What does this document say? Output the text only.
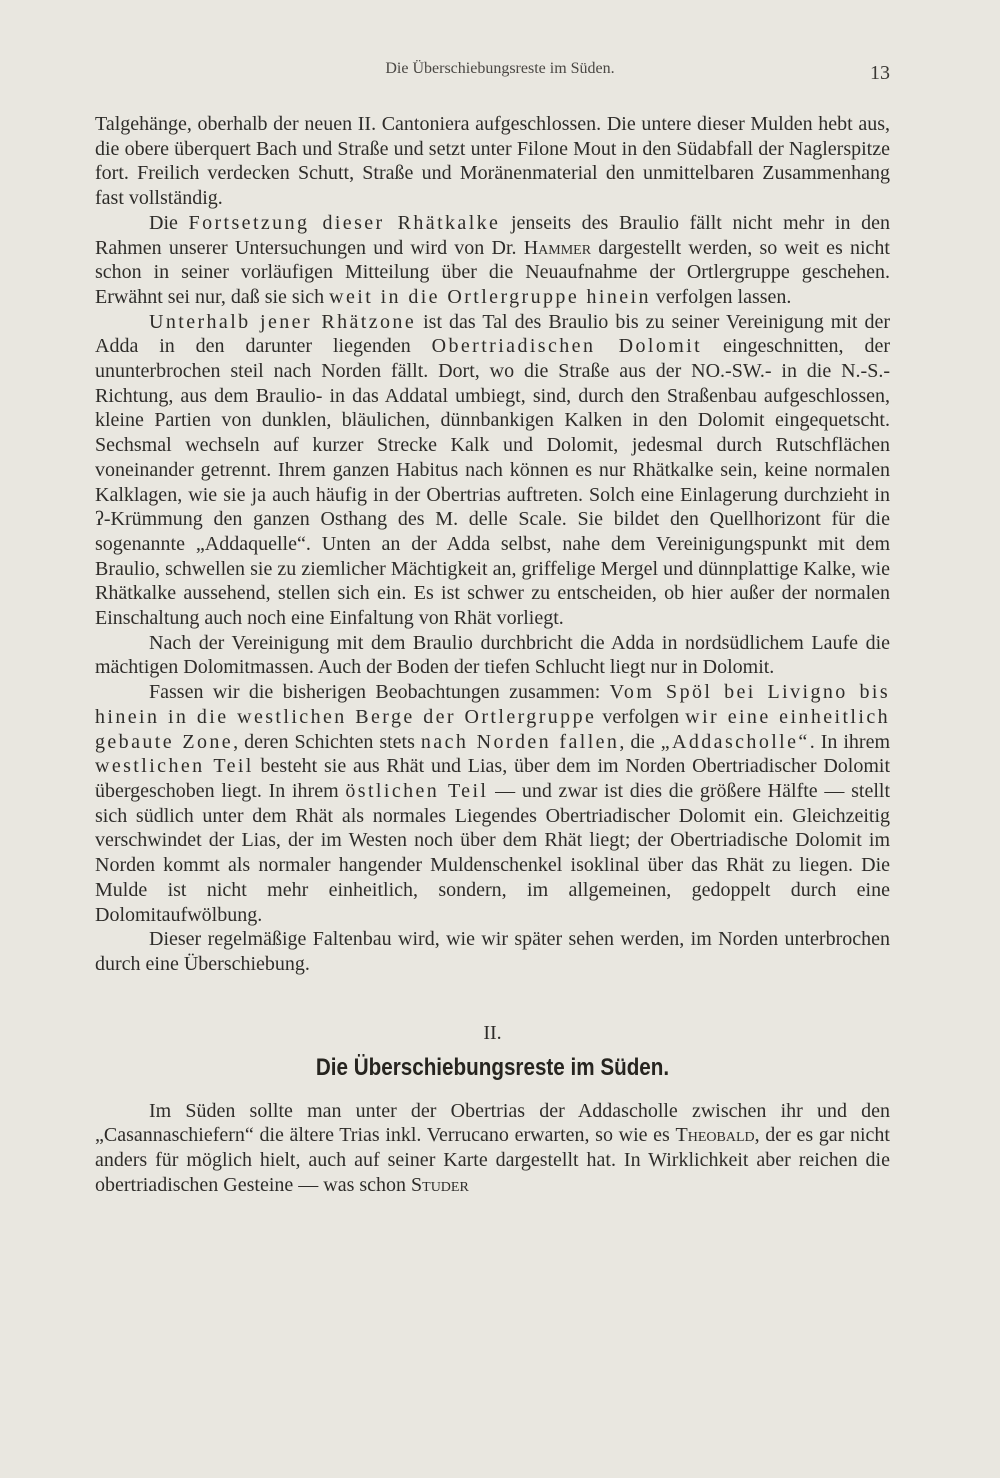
Die Überschiebungsreste im Süden.	13

Talgehänge, oberhalb der neuen II. Cantoniera aufgeschlossen. Die untere dieser Mulden hebt aus, die obere überquert Bach und Straße und setzt unter Filone Mout in den Südabfall der Naglerspitze fort. Freilich verdecken Schutt, Straße und Moränenmaterial den unmittelbaren Zusammenhang fast vollständig.

Die Fortsetzung dieser Rhätkalke jenseits des Braulio fällt nicht mehr in den Rahmen unserer Untersuchungen und wird von Dr. Hammer dargestellt werden, so weit es nicht schon in seiner vorläufigen Mitteilung über die Neuaufnahme der Ortlergruppe geschehen. Erwähnt sei nur, daß sie sich weit in die Ortlergruppe hinein verfolgen lassen.

Unterhalb jener Rhätzone ist das Tal des Braulio bis zu seiner Vereinigung mit der Adda in den darunter liegenden Obertriadischen Dolomit eingeschnitten, der ununterbrochen steil nach Norden fällt. Dort, wo die Straße aus der NO.-SW.- in die N.-S.-Richtung, aus dem Braulio- in das Addatal umbiegt, sind, durch den Straßenbau aufgeschlossen, kleine Partien von dunklen, bläulichen, dünnbankigen Kalken in den Dolomit eingequetscht. Sechsmal wechseln auf kurzer Strecke Kalk und Dolomit, jedesmal durch Rutschflächen voneinander getrennt. Ihrem ganzen Habitus nach können es nur Rhätkalke sein, keine normalen Kalklagen, wie sie ja auch häufig in der Obertrias auftreten. Solch eine Einlagerung durchzieht in ʔ-Krümmung den ganzen Osthang des M. delle Scale. Sie bildet den Quellhorizont für die sogenannte „Addaquelle“. Unten an der Adda selbst, nahe dem Vereinigungspunkt mit dem Braulio, schwellen sie zu ziemlicher Mächtigkeit an, griffelige Mergel und dünnplattige Kalke, wie Rhätkalke aussehend, stellen sich ein. Es ist schwer zu entscheiden, ob hier außer der normalen Einschaltung auch noch eine Einfaltung von Rhät vorliegt.

Nach der Vereinigung mit dem Braulio durchbricht die Adda in nordsüdlichem Laufe die mächtigen Dolomitmassen. Auch der Boden der tiefen Schlucht liegt nur in Dolomit.

Fassen wir die bisherigen Beobachtungen zusammen: Vom Spöl bei Livigno bis hinein in die westlichen Berge der Ortlergruppe verfolgen wir eine einheitlich gebaute Zone, deren Schichten stets nach Norden fallen, die „Addascholle“. In ihrem westlichen Teil besteht sie aus Rhät und Lias, über dem im Norden Obertriadischer Dolomit übergeschoben liegt. In ihrem östlichen Teil — und zwar ist dies die größere Hälfte — stellt sich südlich unter dem Rhät als normales Liegendes Obertriadischer Dolomit ein. Gleichzeitig verschwindet der Lias, der im Westen noch über dem Rhät liegt; der Obertriadische Dolomit im Norden kommt als normaler hangender Muldenschenkel isoklinal über das Rhät zu liegen. Die Mulde ist nicht mehr einheitlich, sondern, im allgemeinen, gedoppelt durch eine Dolomitaufwölbung.

Dieser regelmäßige Faltenbau wird, wie wir später sehen werden, im Norden unterbrochen durch eine Überschiebung.

II.
Die Überschiebungsreste im Süden.

Im Süden sollte man unter der Obertrias der Addascholle zwischen ihr und den „Casannaschiefern“ die ältere Trias inkl. Verrucano erwarten, so wie es Theobald, der es gar nicht anders für möglich hielt, auch auf seiner Karte dargestellt hat. In Wirklichkeit aber reichen die obertriadischen Gesteine — was schon Studer
